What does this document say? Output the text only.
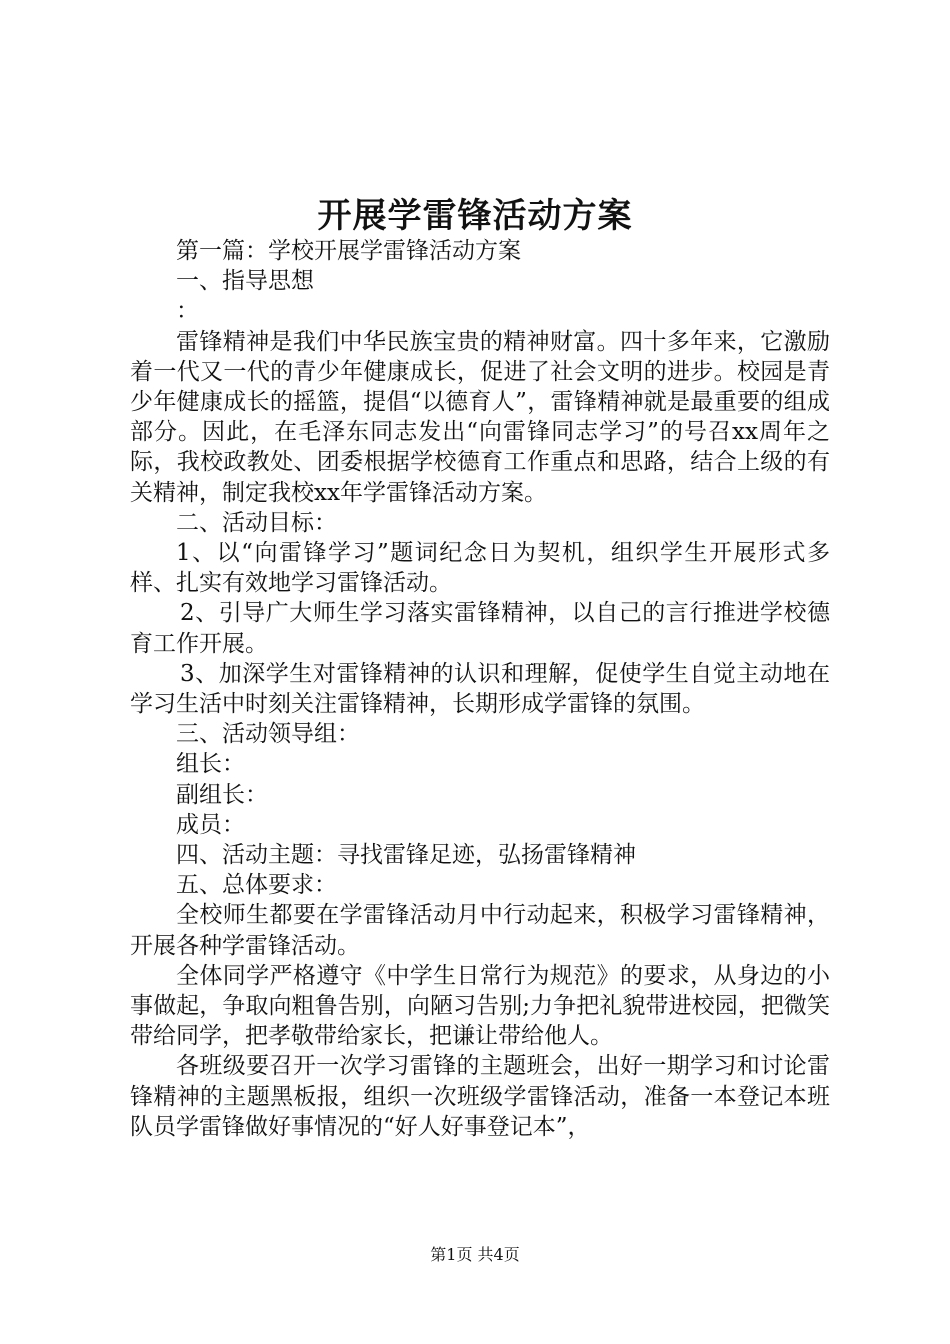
开展学雷锋活动方案

第一篇：学校开展学雷锋活动方案

一、指导思想

：

雷锋精神是我们中华民族宝贵的精神财富。四十多年来，它激励着一代又一代的青少年健康成长，促进了社会文明的进步。校园是青少年健康成长的摇篮，提倡“以德育人”，雷锋精神就是最重要的组成部分。因此，在毛泽东同志发出“向雷锋同志学习”的号召xx周年之际，我校政教处、团委根据学校德育工作重点和思路，结合上级的有关精神，制定我校xx年学雷锋活动方案。

二、活动目标：

1、以“向雷锋学习”题词纪念日为契机，组织学生开展形式多样、扎实有效地学习雷锋活动。

2、引导广大师生学习落实雷锋精神，以自己的言行推进学校德育工作开展。

3、加深学生对雷锋精神的认识和理解，促使学生自觉主动地在学习生活中时刻关注雷锋精神，长期形成学雷锋的氛围。

三、活动领导组：

组长：

副组长：

成员：

四、活动主题：寻找雷锋足迹，弘扬雷锋精神

五、总体要求：

全校师生都要在学雷锋活动月中行动起来，积极学习雷锋精神，开展各种学雷锋活动。

全体同学严格遵守《中学生日常行为规范》的要求，从身边的小事做起，争取向粗鲁告别，向陋习告别;力争把礼貌带进校园，把微笑带给同学，把孝敬带给家长，把谦让带给他人。

各班级要召开一次学习雷锋的主题班会，出好一期学习和讨论雷锋精神的主题黑板报，组织一次班级学雷锋活动，准备一本登记本班队员学雷锋做好事情况的“好人好事登记本”，

第1页 共4页
